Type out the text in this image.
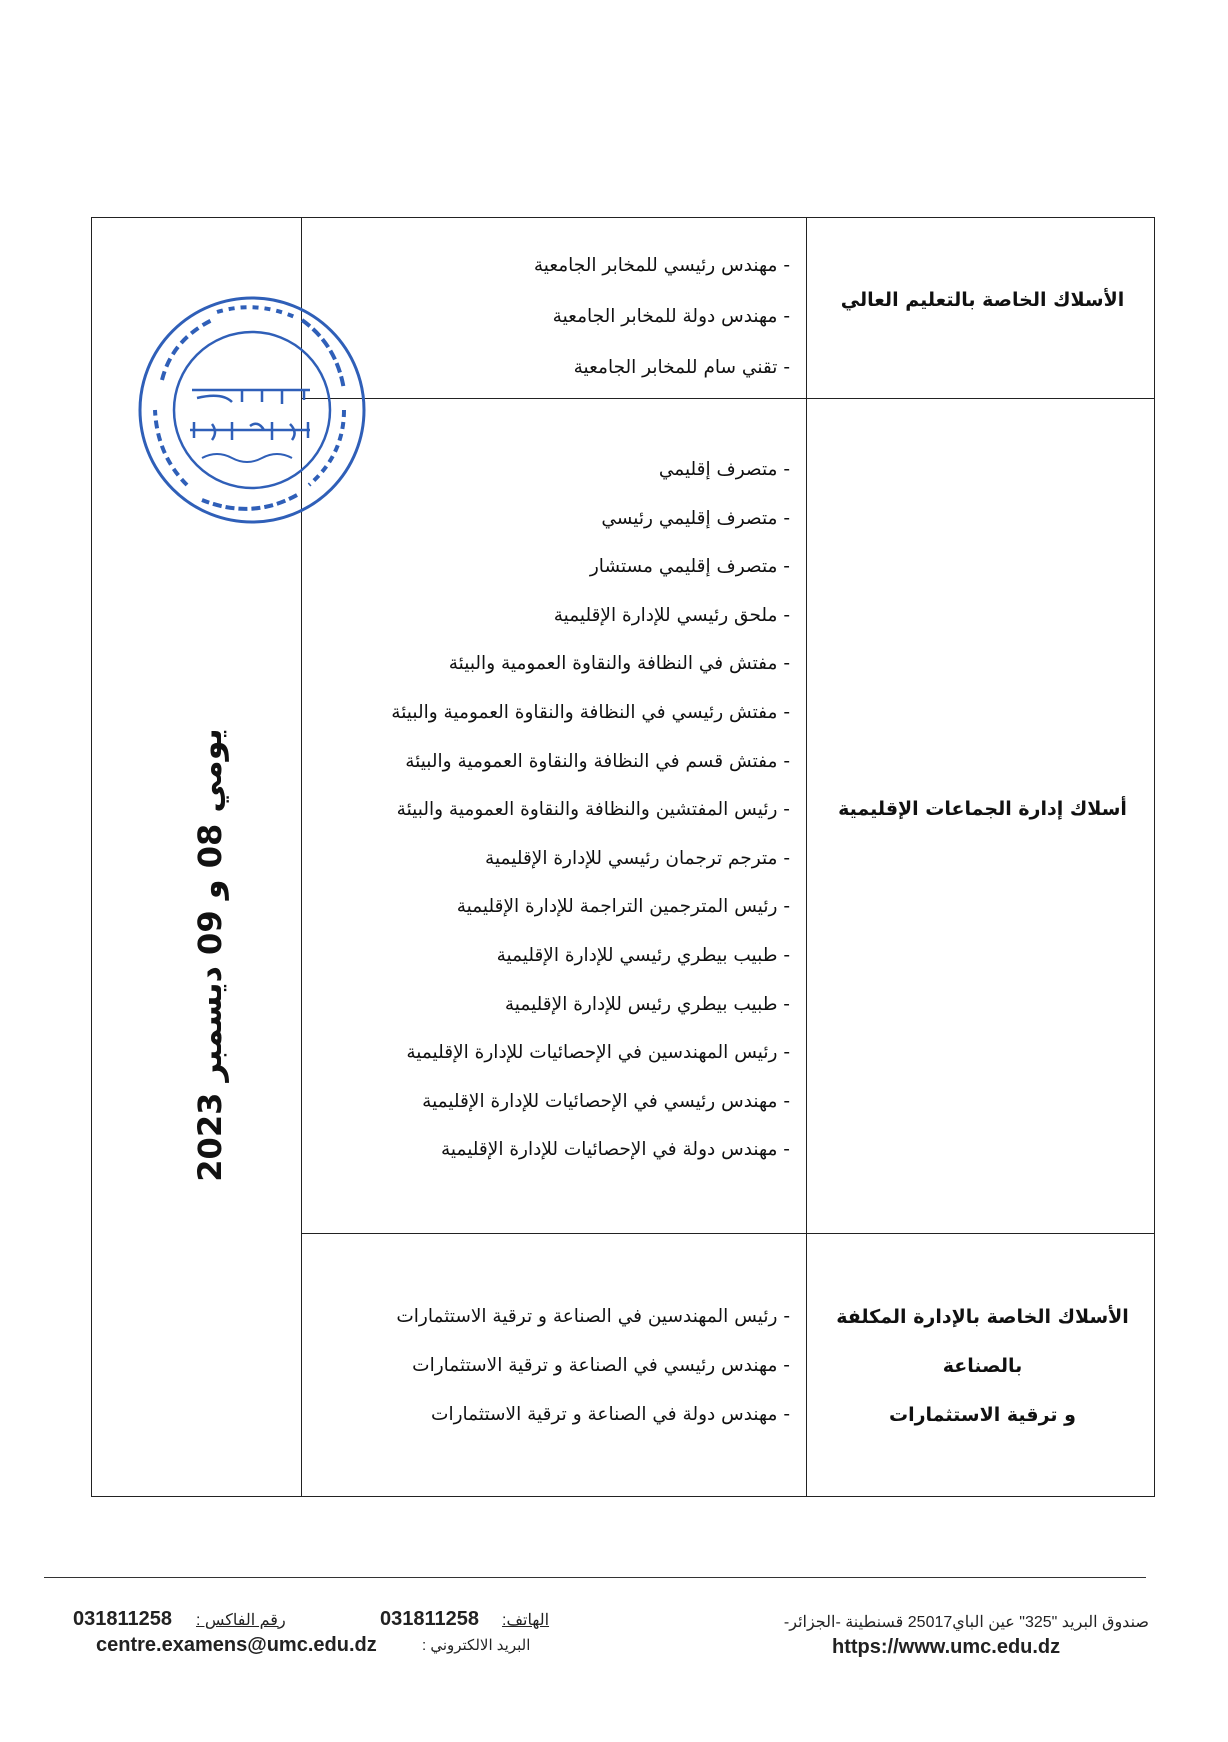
الأسلاك الخاصة بالتعليم العالي
- مهندس رئيسي للمخابر الجامعية
- مهندس دولة للمخابر الجامعية
- تقني سام للمخابر الجامعية
أسلاك إدارة الجماعات الإقليمية
- متصرف إقليمي
- متصرف إقليمي رئيسي
- متصرف إقليمي مستشار
- ملحق رئيسي للإدارة الإقليمية
- مفتش في النظافة والنقاوة العمومية والبيئة
- مفتش رئيسي في النظافة والنقاوة العمومية والبيئة
- مفتش قسم في النظافة والنقاوة العمومية والبيئة
- رئيس المفتشين والنظافة والنقاوة العمومية والبيئة
- مترجم ترجمان رئيسي للإدارة الإقليمية
- رئيس المترجمين التراجمة للإدارة الإقليمية
- طبيب بيطري رئيسي للإدارة الإقليمية
- طبيب بيطري رئيس للإدارة الإقليمية
- رئيس المهندسين في الإحصائيات للإدارة الإقليمية
- مهندس رئيسي في الإحصائيات للإدارة الإقليمية
- مهندس دولة في الإحصائيات للإدارة الإقليمية
الأسلاك الخاصة بالإدارة المكلفة
بالصناعة
و ترقية الاستثمارات
- رئيس المهندسين في الصناعة و ترقية الاستثمارات
- مهندس رئيسي في الصناعة و ترقية الاستثمارات
- مهندس دولة في الصناعة و ترقية الاستثمارات
يومي 08 و 09 ديسمبر 2023
صندوق البريد "325" عين الباي25017 قسنطينة -الجزائر-
https://www.umc.edu.dz
الهاتف:
031811258
رقم الفاكس :
031811258
البريد الالكتروني :
centre.examens@umc.edu.dz
